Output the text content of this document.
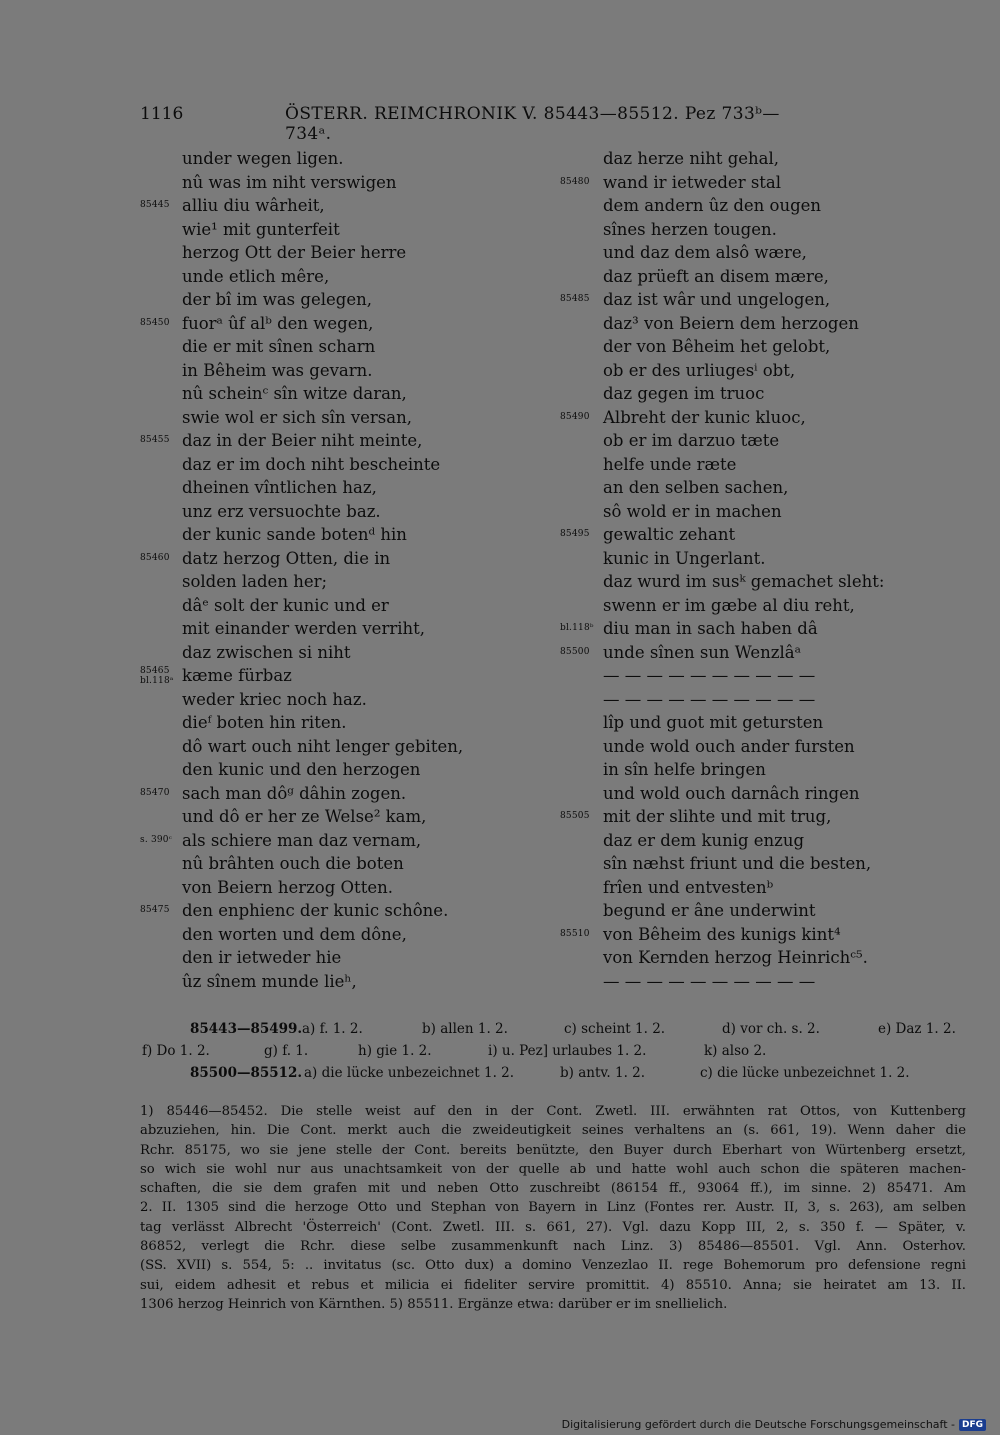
1116	ÖSTERR. REIMCHRONIK V. 85443—85512. Pez 733ᵇ—734ᵃ.
under wegen ligen.
nû was im niht verswigen
85445 alliu diu wârheit,
wie¹ mit gunterfeit
herzog Ott der Beier herre
unde etlich mêre,
der bî im was gelegen,
85450 fuorᵃ ûf alᵇ den wegen,
die er mit sînen scharn
in Bêheim was gevarn.
nû scheinᶜ sîn witze daran,
swie wol er sich sîn versan,
85455 daz in der Beier niht meinte,
daz er im doch niht bescheinte
dheinen vîntlichen haz,
unz erz versuochte baz.
der kunic sande botenᵈ hin
85460 datz herzog Otten, die in
solden laden her;
dâᵉ solt der kunic und er
mit einander werden verriht,
daz zwischen si niht
85465
bl.118ᵃ kæme fürbaz
weder kriec noch haz.
dieᶠ boten hin riten.
dô wart ouch niht lenger gebiten,
den kunic und den herzogen
85470 sach man dôᵍ dâhin zogen.
und dô er her ze Welse² kam,
s. 390ᶜ als schiere man daz vernam,
nû brâhten ouch die boten
von Beiern herzog Otten.
85475 den enphienc der kunic schône.
den worten und dem dône,
den ir ietweder hie
ûz sînem munde lieʰ,
daz herze niht gehal,
85480 wand ir ietweder stal
dem andern ûz den ougen
sînes herzen tougen.
und daz dem alsô wære,
daz prüeft an disem mære,
85485 daz ist wâr und ungelogen,
daz³ von Beiern dem herzogen
der von Bêheim het gelobt,
ob er des urliugesⁱ obt,
daz gegen im truoc
85490 Albreht der kunic kluoc,
ob er im darzuo tæte
helfe unde ræte
an den selben sachen,
sô wold er in machen
85495 gewaltic zehant
kunic in Ungerlant.
daz wurd im susᵏ gemachet sleht:
swenn er im gæbe al diu reht,
bl.118ᵇ diu man in sach haben dâ
85500 unde sînen sun Wenzlâᵃ
— — — — — — — — — —
— — — — — — — — — —
lîp und guot mit getursten
unde wold ouch ander fursten
in sîn helfe bringen
und wold ouch darnâch ringen
85505 mit der slihte und mit trug,
daz er dem kunig enzug
sîn næhst friunt und die besten,
frîen und entvestenᵇ
begund er âne underwint
85510 von Bêheim des kunigs kint⁴
von Kernden herzog Heinrichᶜ⁵.
— — — — — — — — — —
85443—85499. a) f. 1. 2.	b) allen 1. 2.	c) scheint 1. 2.	d) vor ch. s. 2.	e) Daz 1. 2.
f) Do 1. 2.	g) f. 1.	h) gie 1. 2.	i) u. Pez] urlaubes 1. 2.	k) also 2.
85500—85512. a) die lücke unbezeichnet 1. 2.	b) antv. 1. 2.	c) die lücke unbezeichnet 1. 2.
1) 85446—85452. Die stelle weist auf den in der Cont. Zwetl. III. erwähnten rat Ottos, von Kuttenberg
abzuziehen, hin. Die Cont. merkt auch die zweideutigkeit seines verhaltens an (s. 661, 19). Wenn daher die
Rchr. 85175, wo sie jene stelle der Cont. bereits benützte, den Buyer durch Eberhart von Würtenberg ersetzt,
so wich sie wohl nur aus unachtsamkeit von der quelle ab und hatte wohl auch schon die späteren machen-
schaften, die sie dem grafen mit und neben Otto zuschreibt (86154 ff., 93064 ff.), im sinne. 2) 85471. Am
2. II. 1305 sind die herzoge Otto und Stephan von Bayern in Linz (Fontes rer. Austr. II, 3, s. 263), am selben
tag verlässt Albrecht 'Österreich' (Cont. Zwetl. III. s. 661, 27). Vgl. dazu Kopp III, 2, s. 350 f. — Später, v.
86852, verlegt die Rchr. diese selbe zusammenkunft nach Linz. 3) 85486—85501. Vgl. Ann. Osterhov.
(SS. XVII) s. 554, 5: .. invitatus (sc. Otto dux) a domino Venzezlao II. rege Bohemorum pro defensione regni
sui, eidem adhesit et rebus et milicia ei fideliter servire promittit. 4) 85510. Anna; sie heiratet am 13. II.
1306 herzog Heinrich von Kärnthen. 5) 85511. Ergänze etwa: darüber er im snellielich.
Digitalisierung gefördert durch die Deutsche Forschungsgemeinschaft - DFG
